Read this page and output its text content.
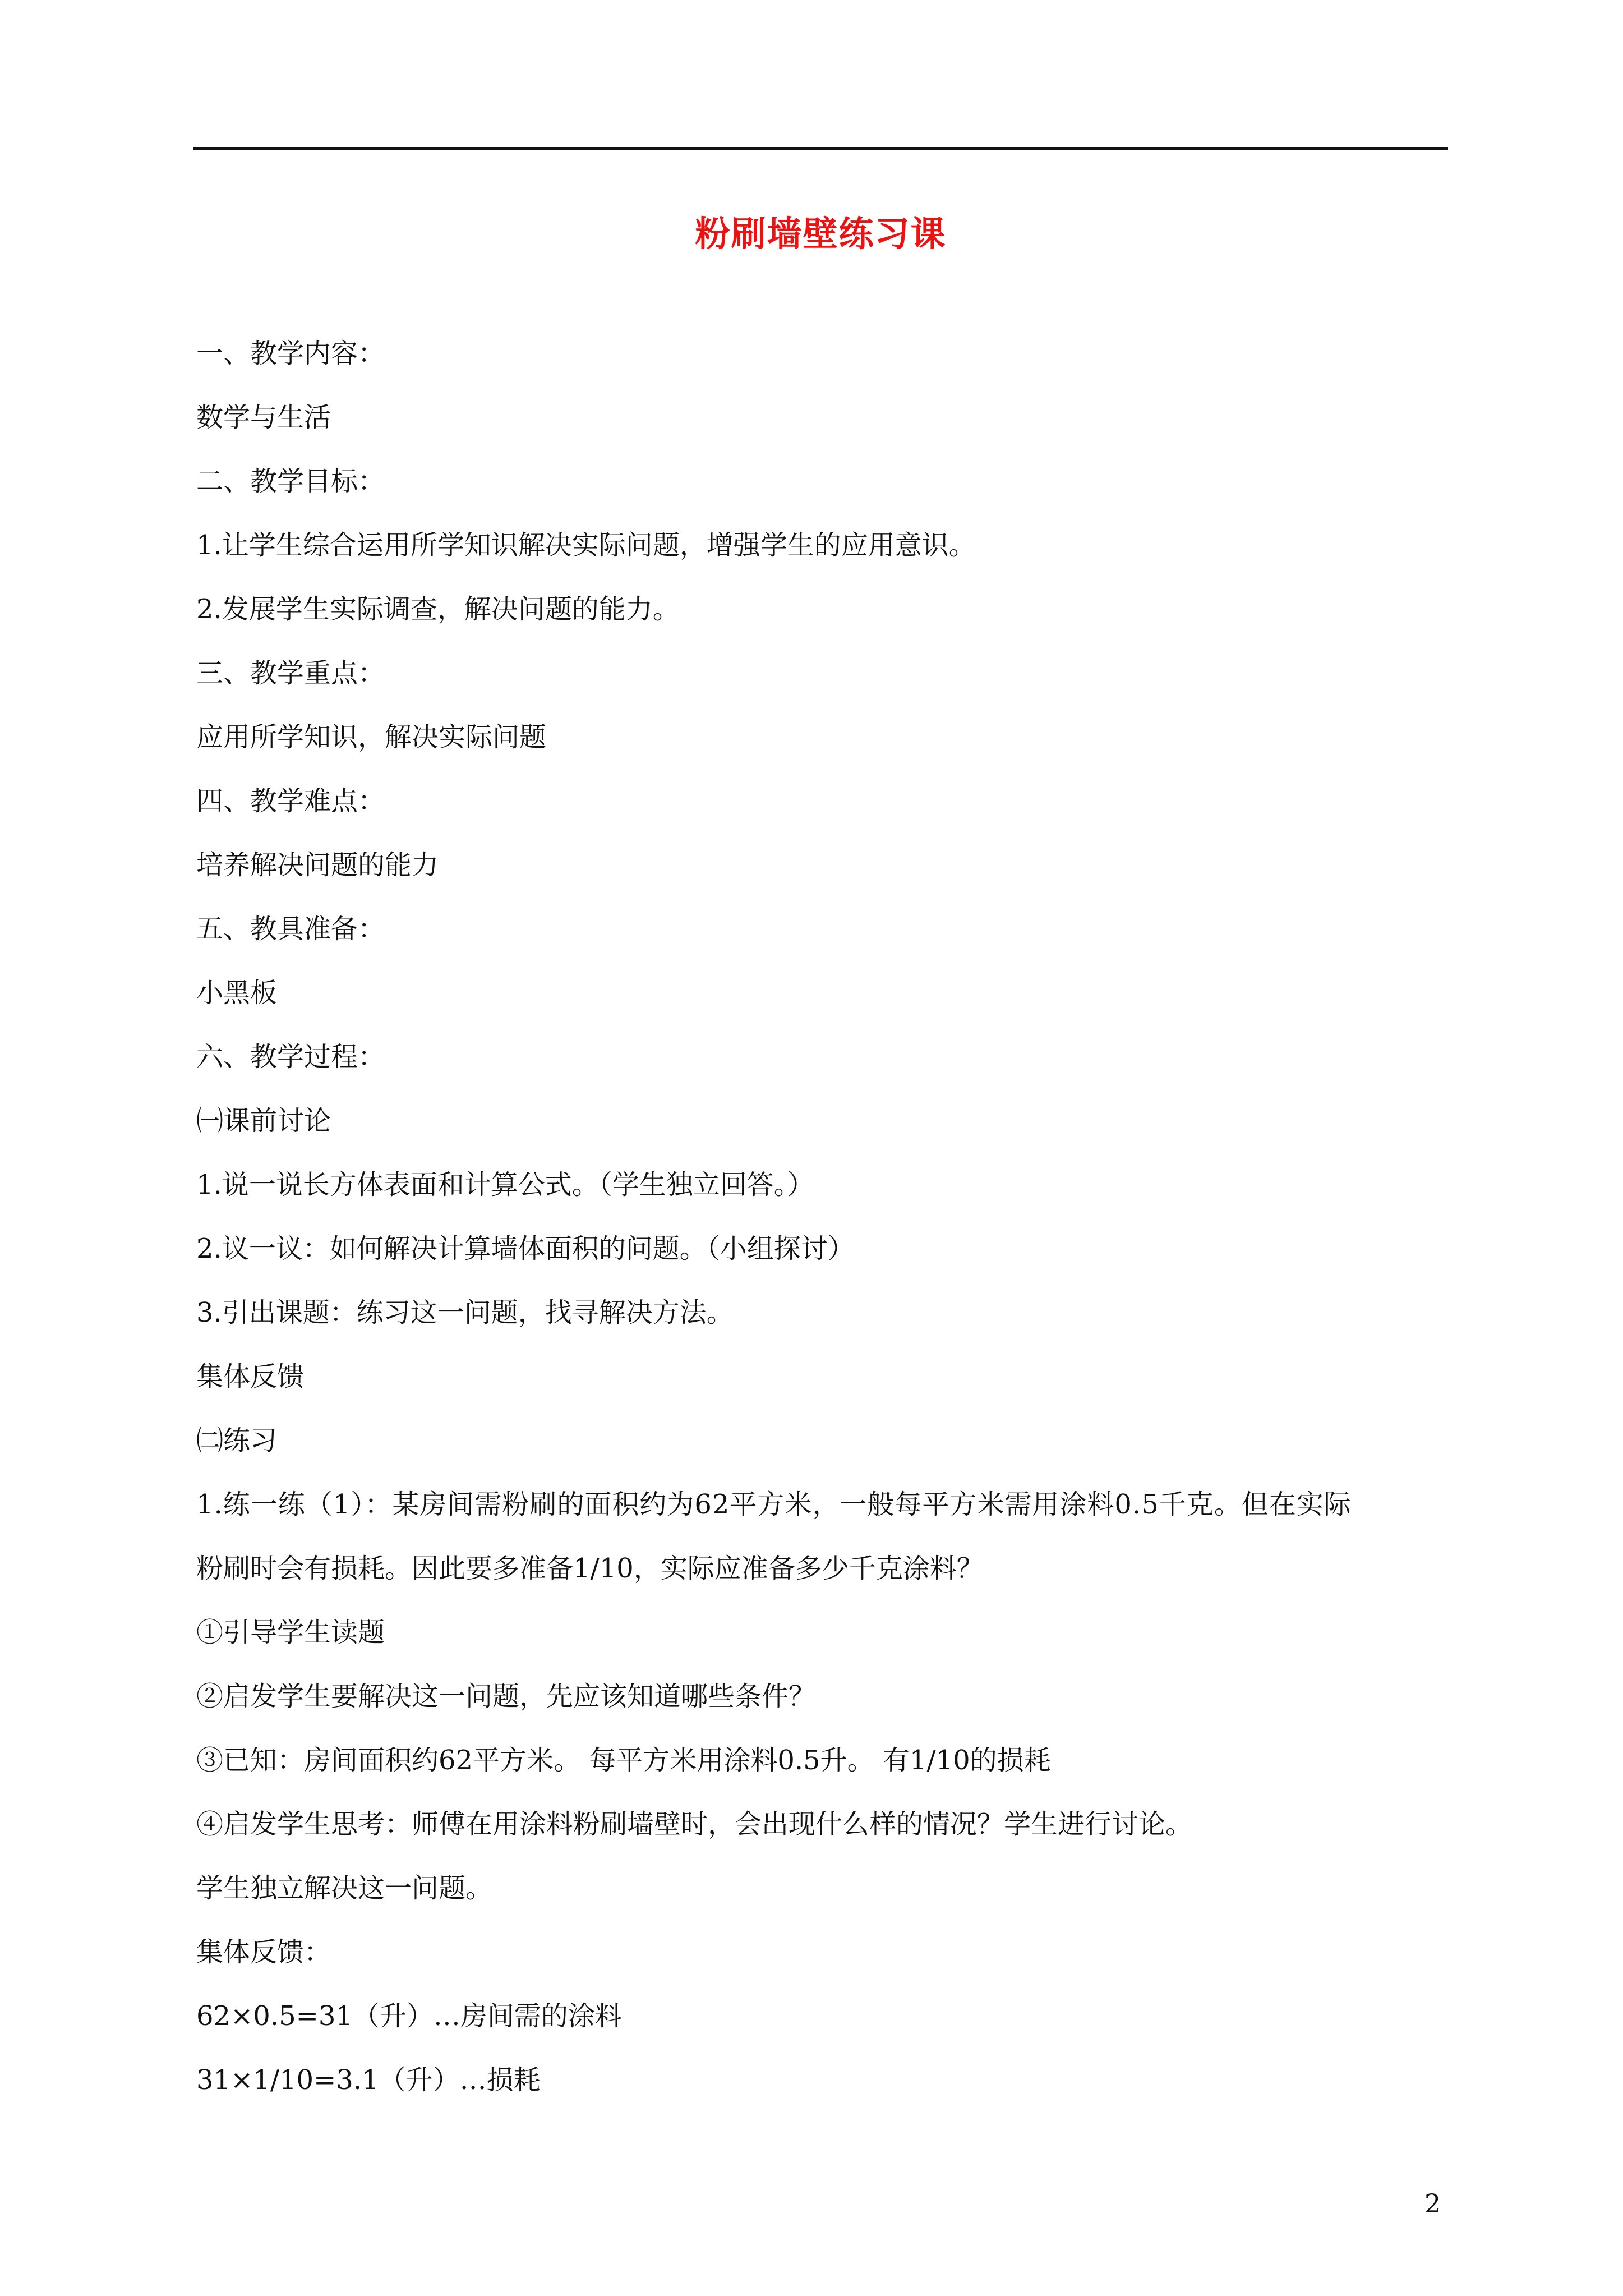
粉刷墙壁练习课
一、教学内容：
数学与生活
二、教学目标：
1.让学生综合运用所学知识解决实际问题，增强学生的应用意识。
2.发展学生实际调查，解决问题的能力。
三、教学重点：
应用所学知识，解决实际问题
四、教学难点：
培养解决问题的能力
五、教具准备：
小黑板
六、教学过程：
㈠课前讨论
1.说一说长方体表面和计算公式。（学生独立回答。）
2.议一议：如何解决计算墙体面积的问题。（小组探讨）
3.引出课题：练习这一问题，找寻解决方法。
集体反馈
㈡练习
1.练一练（1）：某房间需粉刷的面积约为62平方米，一般每平方米需用涂料0.5千克。但在实际
粉刷时会有损耗。因此要多准备1/10，实际应准备多少千克涂料？
①引导学生读题
②启发学生要解决这一问题，先应该知道哪些条件？
③已知：房间面积约62平方米。 每平方米用涂料0.5升。 有1/10的损耗
④启发学生思考：师傅在用涂料粉刷墙壁时，会出现什么样的情况？学生进行讨论。
学生独立解决这一问题。
集体反馈：
62×0.5=31（升）…房间需的涂料
31×1/10=3.1（升）…损耗
2
